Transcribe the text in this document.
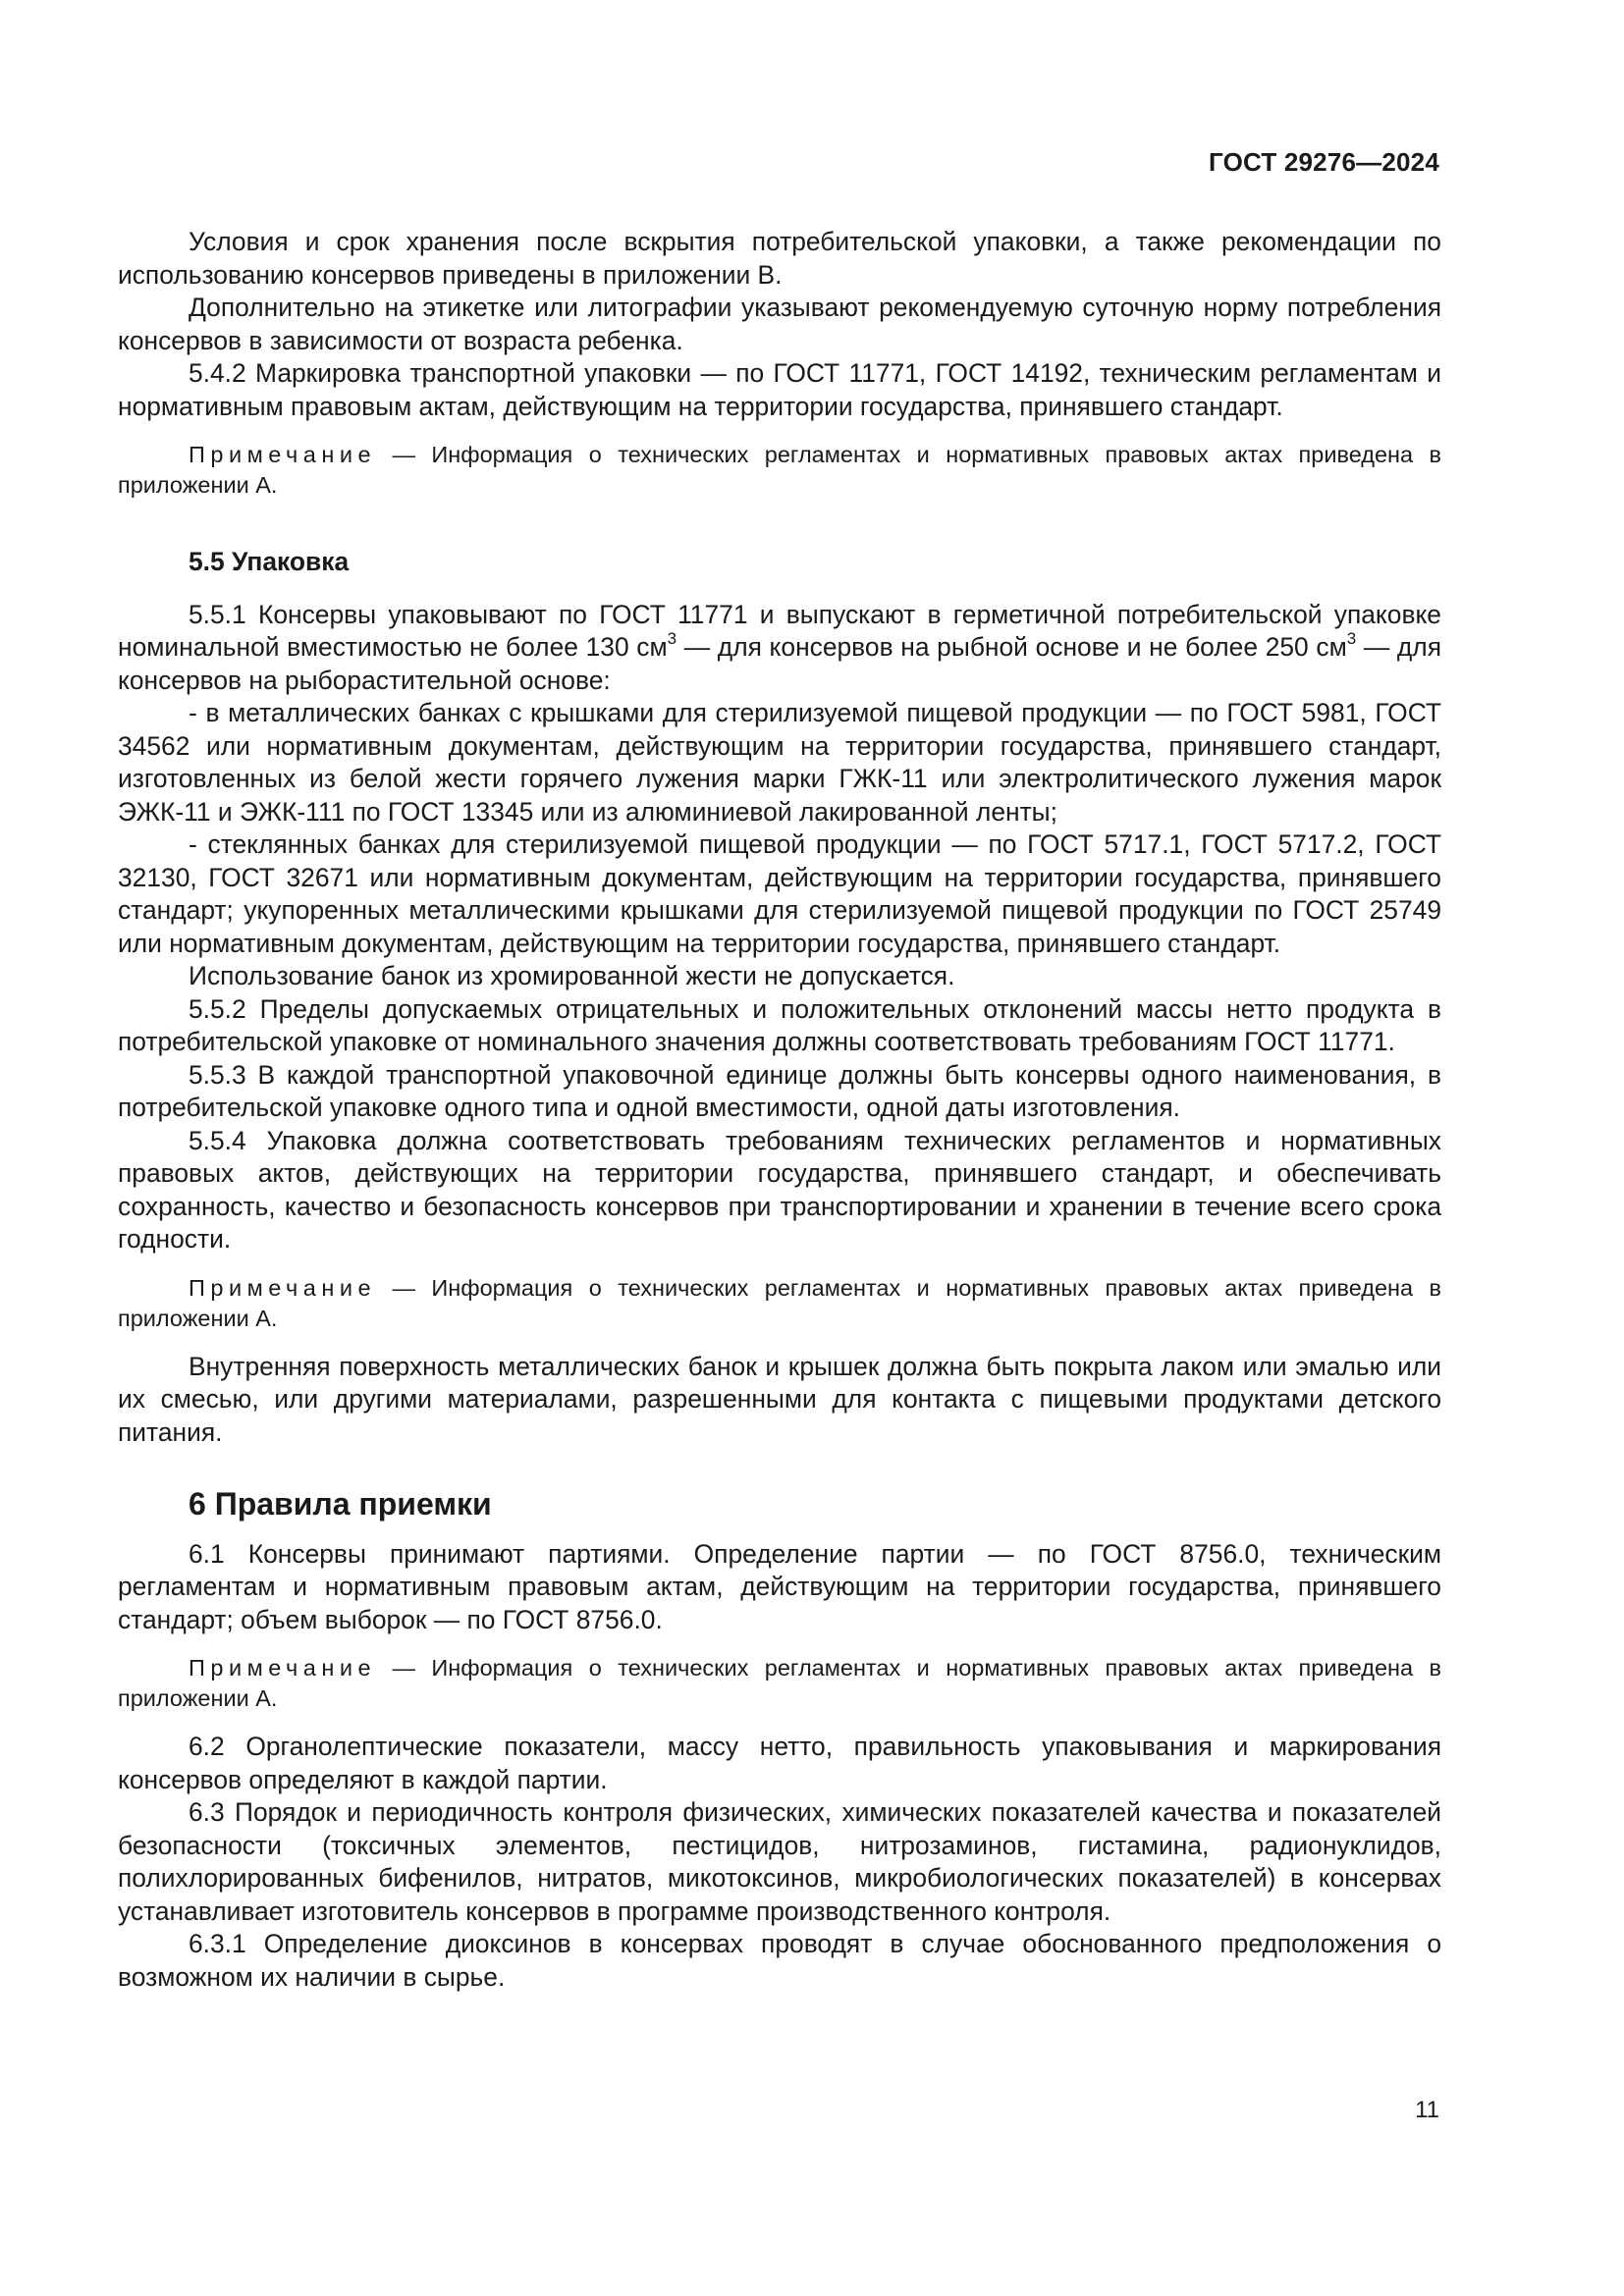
ГОСТ 29276—2024

Условия и срок хранения после вскрытия потребительской упаковки, а также рекомендации по использованию консервов приведены в приложении В.

Дополнительно на этикетке или литографии указывают рекомендуемую суточную норму потребления консервов в зависимости от возраста ребенка.

5.4.2 Маркировка транспортной упаковки — по ГОСТ 11771, ГОСТ 14192, техническим регламентам и нормативным правовым актам, действующим на территории государства, принявшего стандарт.

Примечание — Информация о технических регламентах и нормативных правовых актах приведена в приложении А.
5.5 Упаковка

5.5.1 Консервы упаковывают по ГОСТ 11771 и выпускают в герметичной потребительской упаковке номинальной вместимостью не более 130 $см^3$ — для консервов на рыбной основе и не более 250 $см^3$ — для консервов на рыборастительной основе:

- в металлических банках с крышками для стерилизуемой пищевой продукции — по ГОСТ 5981, ГОСТ 34562 или нормативным документам, действующим на территории государства, принявшего стандарт, изготовленных из белой жести горячего лужения марки ГЖК-11 или электролитического лужения марок ЭЖК-11 и ЭЖК-111 по ГОСТ 13345 или из алюминиевой лакированной ленты;

- стеклянных банках для стерилизуемой пищевой продукции — по ГОСТ 5717.1, ГОСТ 5717.2, ГОСТ 32130, ГОСТ 32671 или нормативным документам, действующим на территории государства, принявшего стандарт; укупоренных металлическими крышками для стерилизуемой пищевой продукции по ГОСТ 25749 или нормативным документам, действующим на территории государства, принявшего стандарт.

Использование банок из хромированной жести не допускается.

5.5.2 Пределы допускаемых отрицательных и положительных отклонений массы нетто продукта в потребительской упаковке от номинального значения должны соответствовать требованиям ГОСТ 11771.

5.5.3 В каждой транспортной упаковочной единице должны быть консервы одного наименования, в потребительской упаковке одного типа и одной вместимости, одной даты изготовления.

5.5.4 Упаковка должна соответствовать требованиям технических регламентов и нормативных правовых актов, действующих на территории государства, принявшего стандарт, и обеспечивать сохранность, качество и безопасность консервов при транспортировании и хранении в течение всего срока годности.

Примечание — Информация о технических регламентах и нормативных правовых актах приведена в приложении А.

Внутренняя поверхность металлических банок и крышек должна быть покрыта лаком или эмалью или их смесью, или другими материалами, разрешенными для контакта с пищевыми продуктами детского питания.

6 Правила приемки

6.1 Консервы принимают партиями. Определение партии — по ГОСТ 8756.0, техническим регламентам и нормативным правовым актам, действующим на территории государства, принявшего стандарт; объем выборок — по ГОСТ 8756.0.

Примечание — Информация о технических регламентах и нормативных правовых актах приведена в приложении А.

6.2 Органолептические показатели, массу нетто, правильность упаковывания и маркирования консервов определяют в каждой партии.

6.3 Порядок и периодичность контроля физических, химических показателей качества и показателей безопасности (токсичных элементов, пестицидов, нитрозаминов, гистамина, радионуклидов, полихлорированных бифенилов, нитратов, микотоксинов, микробиологических показателей) в консервах устанавливает изготовитель консервов в программе производственного контроля.

6.3.1 Определение диоксинов в консервах проводят в случае обоснованного предположения о возможном их наличии в сырье.

11
